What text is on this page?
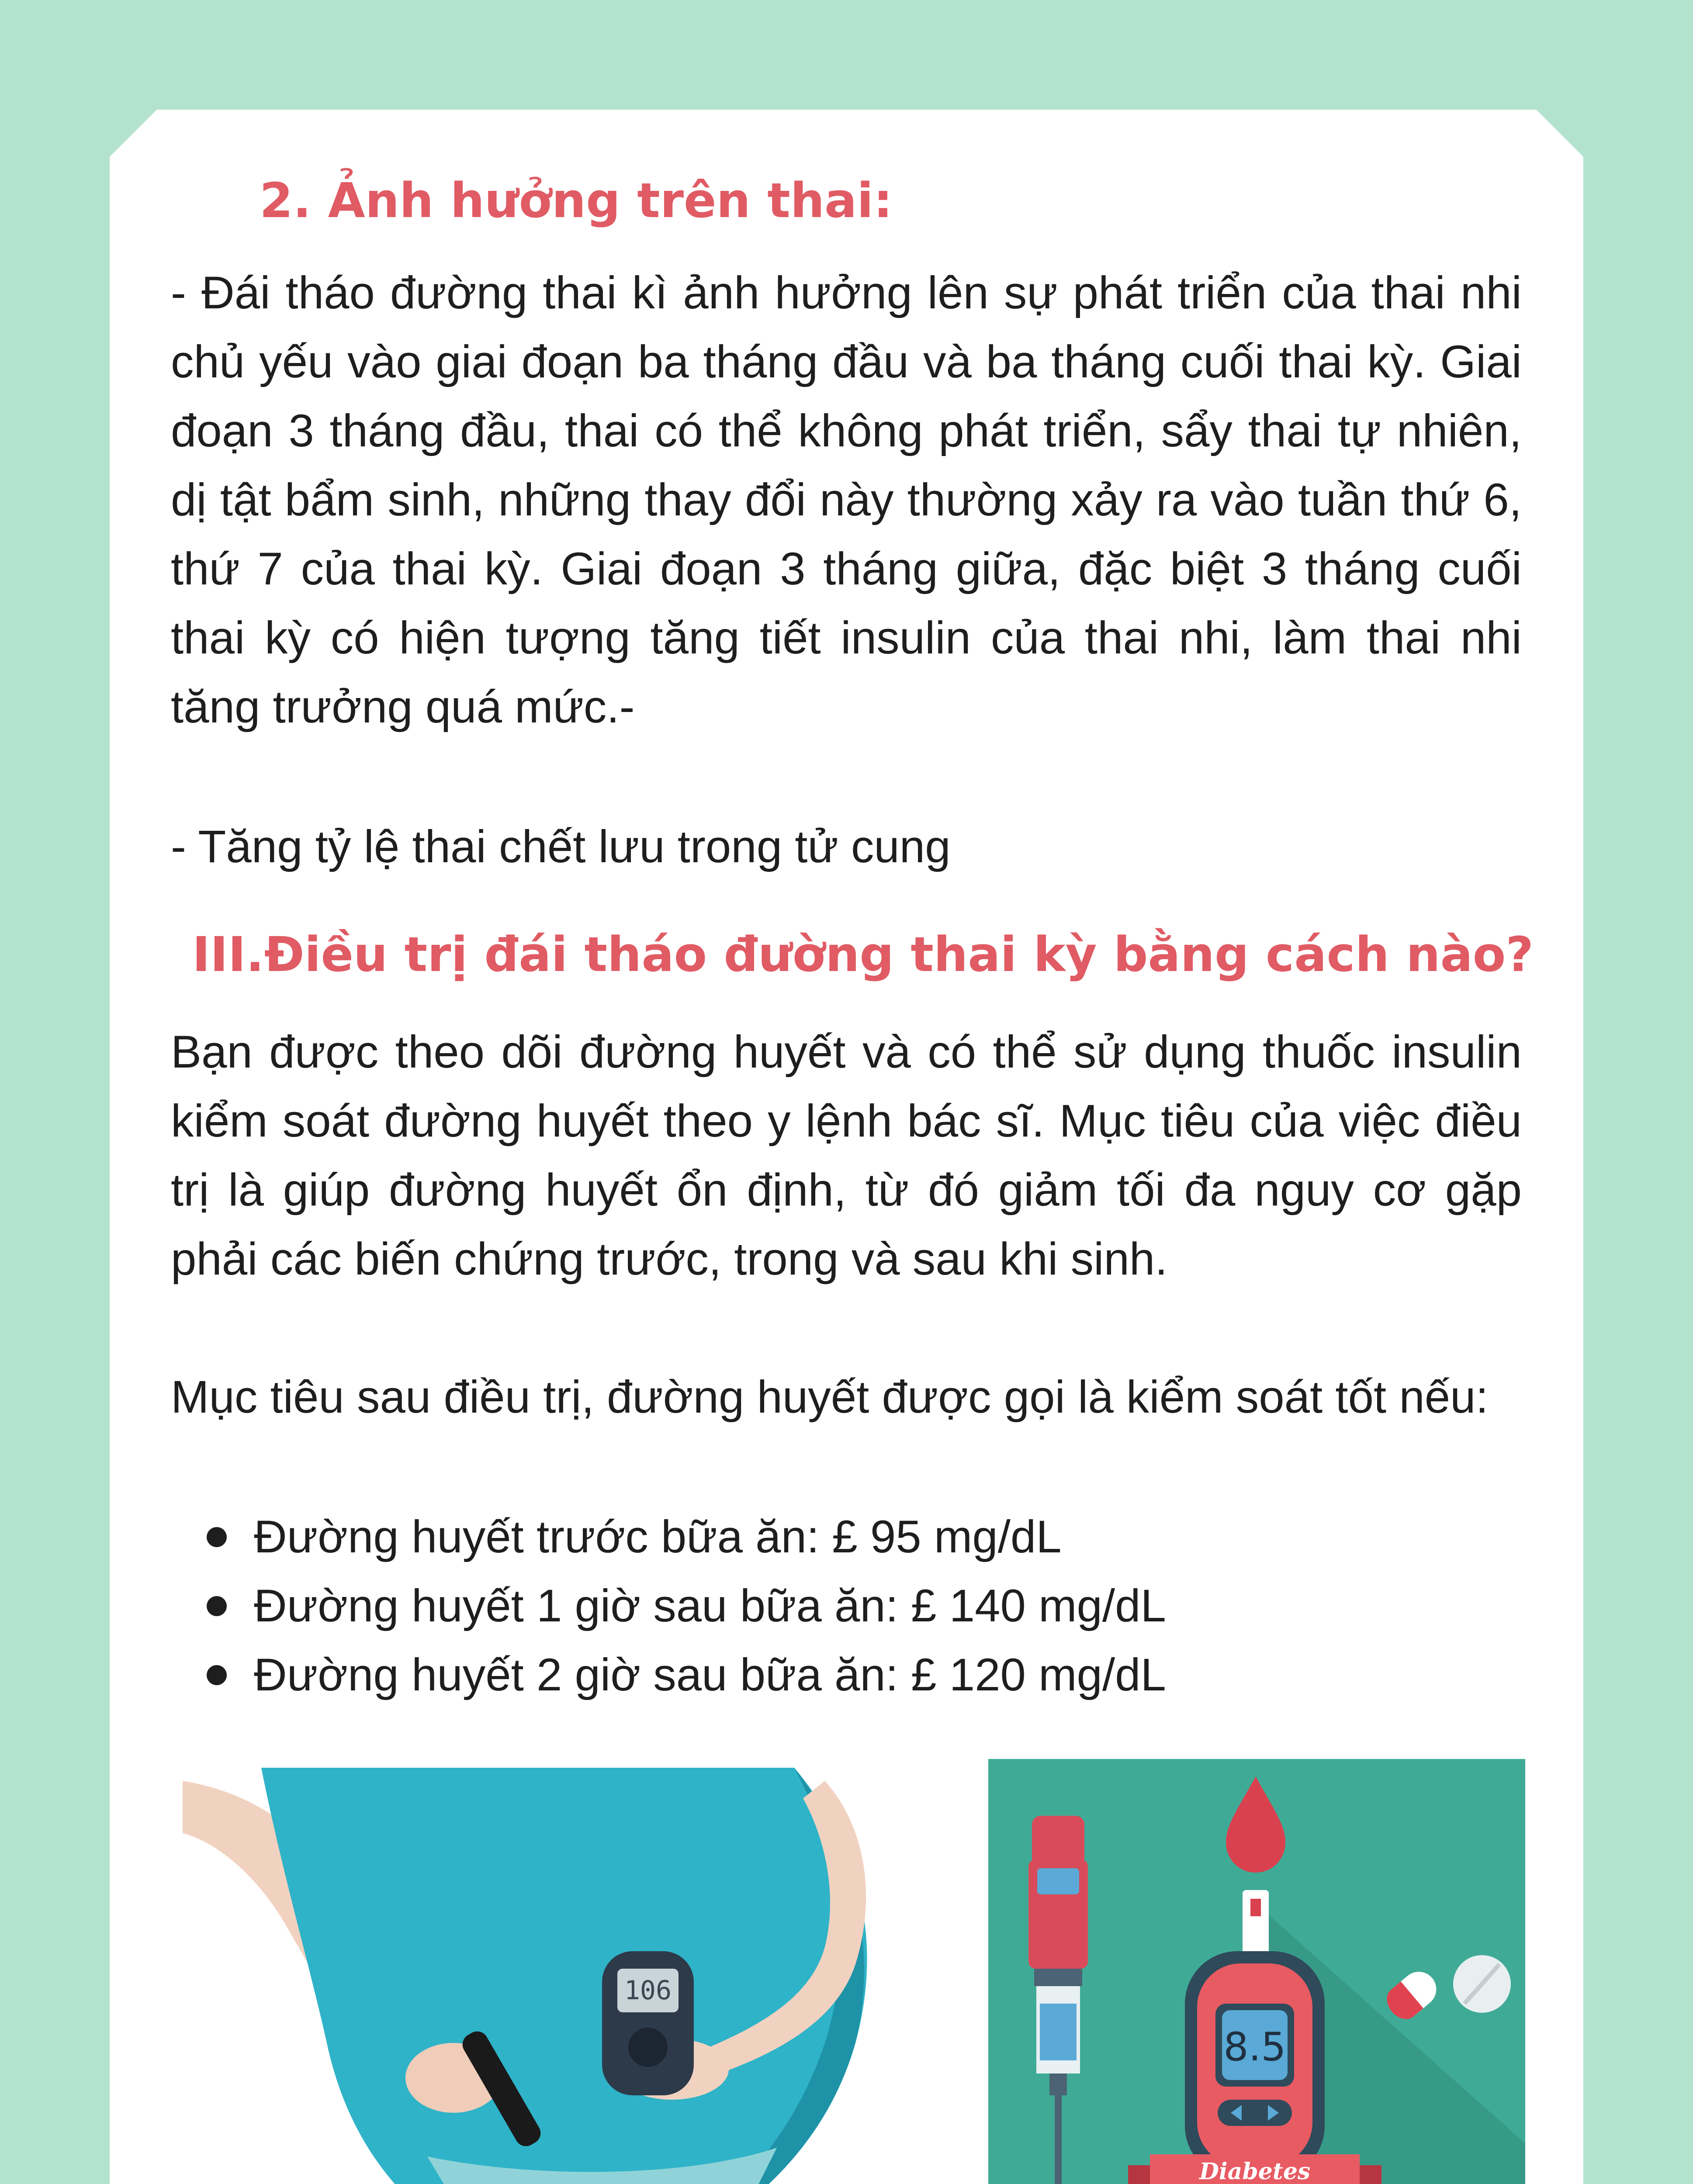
2. Ảnh hưởng trên thai:

- Đái tháo đường thai kì ảnh hưởng lên sự phát triển của thai nhi chủ yếu vào giai đoạn ba tháng đầu và ba tháng cuối thai kỳ. Giai đoạn 3 tháng đầu, thai có thể không phát triển, sẩy thai tự nhiên, dị tật bẩm sinh, những thay đổi này thường xảy ra vào tuần thứ 6, thứ 7 của thai kỳ. Giai đoạn 3 tháng giữa, đặc biệt 3 tháng cuối thai kỳ có hiện tượng tăng tiết insulin của thai nhi, làm thai nhi tăng trưởng quá mức.-

- Tăng tỷ lệ thai chết lưu trong tử cung

III.Điều trị đái tháo đường thai kỳ bằng cách nào?

Bạn được theo dõi đường huyết và có thể sử dụng thuốc insulin kiểm soát đường huyết theo y lệnh bác sĩ. Mục tiêu của việc điều trị là giúp đường huyết ổn định, từ đó giảm tối đa nguy cơ gặp phải các biến chứng trước, trong và sau khi sinh.

Mục tiêu sau điều trị, đường huyết được gọi là kiểm soát tốt nếu:

Đường huyết trước bữa ăn: £ 95 mg/dL
Đường huyết 1 giờ sau bữa ăn: £ 140 mg/dL
Đường huyết 2 giờ sau bữa ăn: £ 120 mg/dL
106
8.5
Diabetes
